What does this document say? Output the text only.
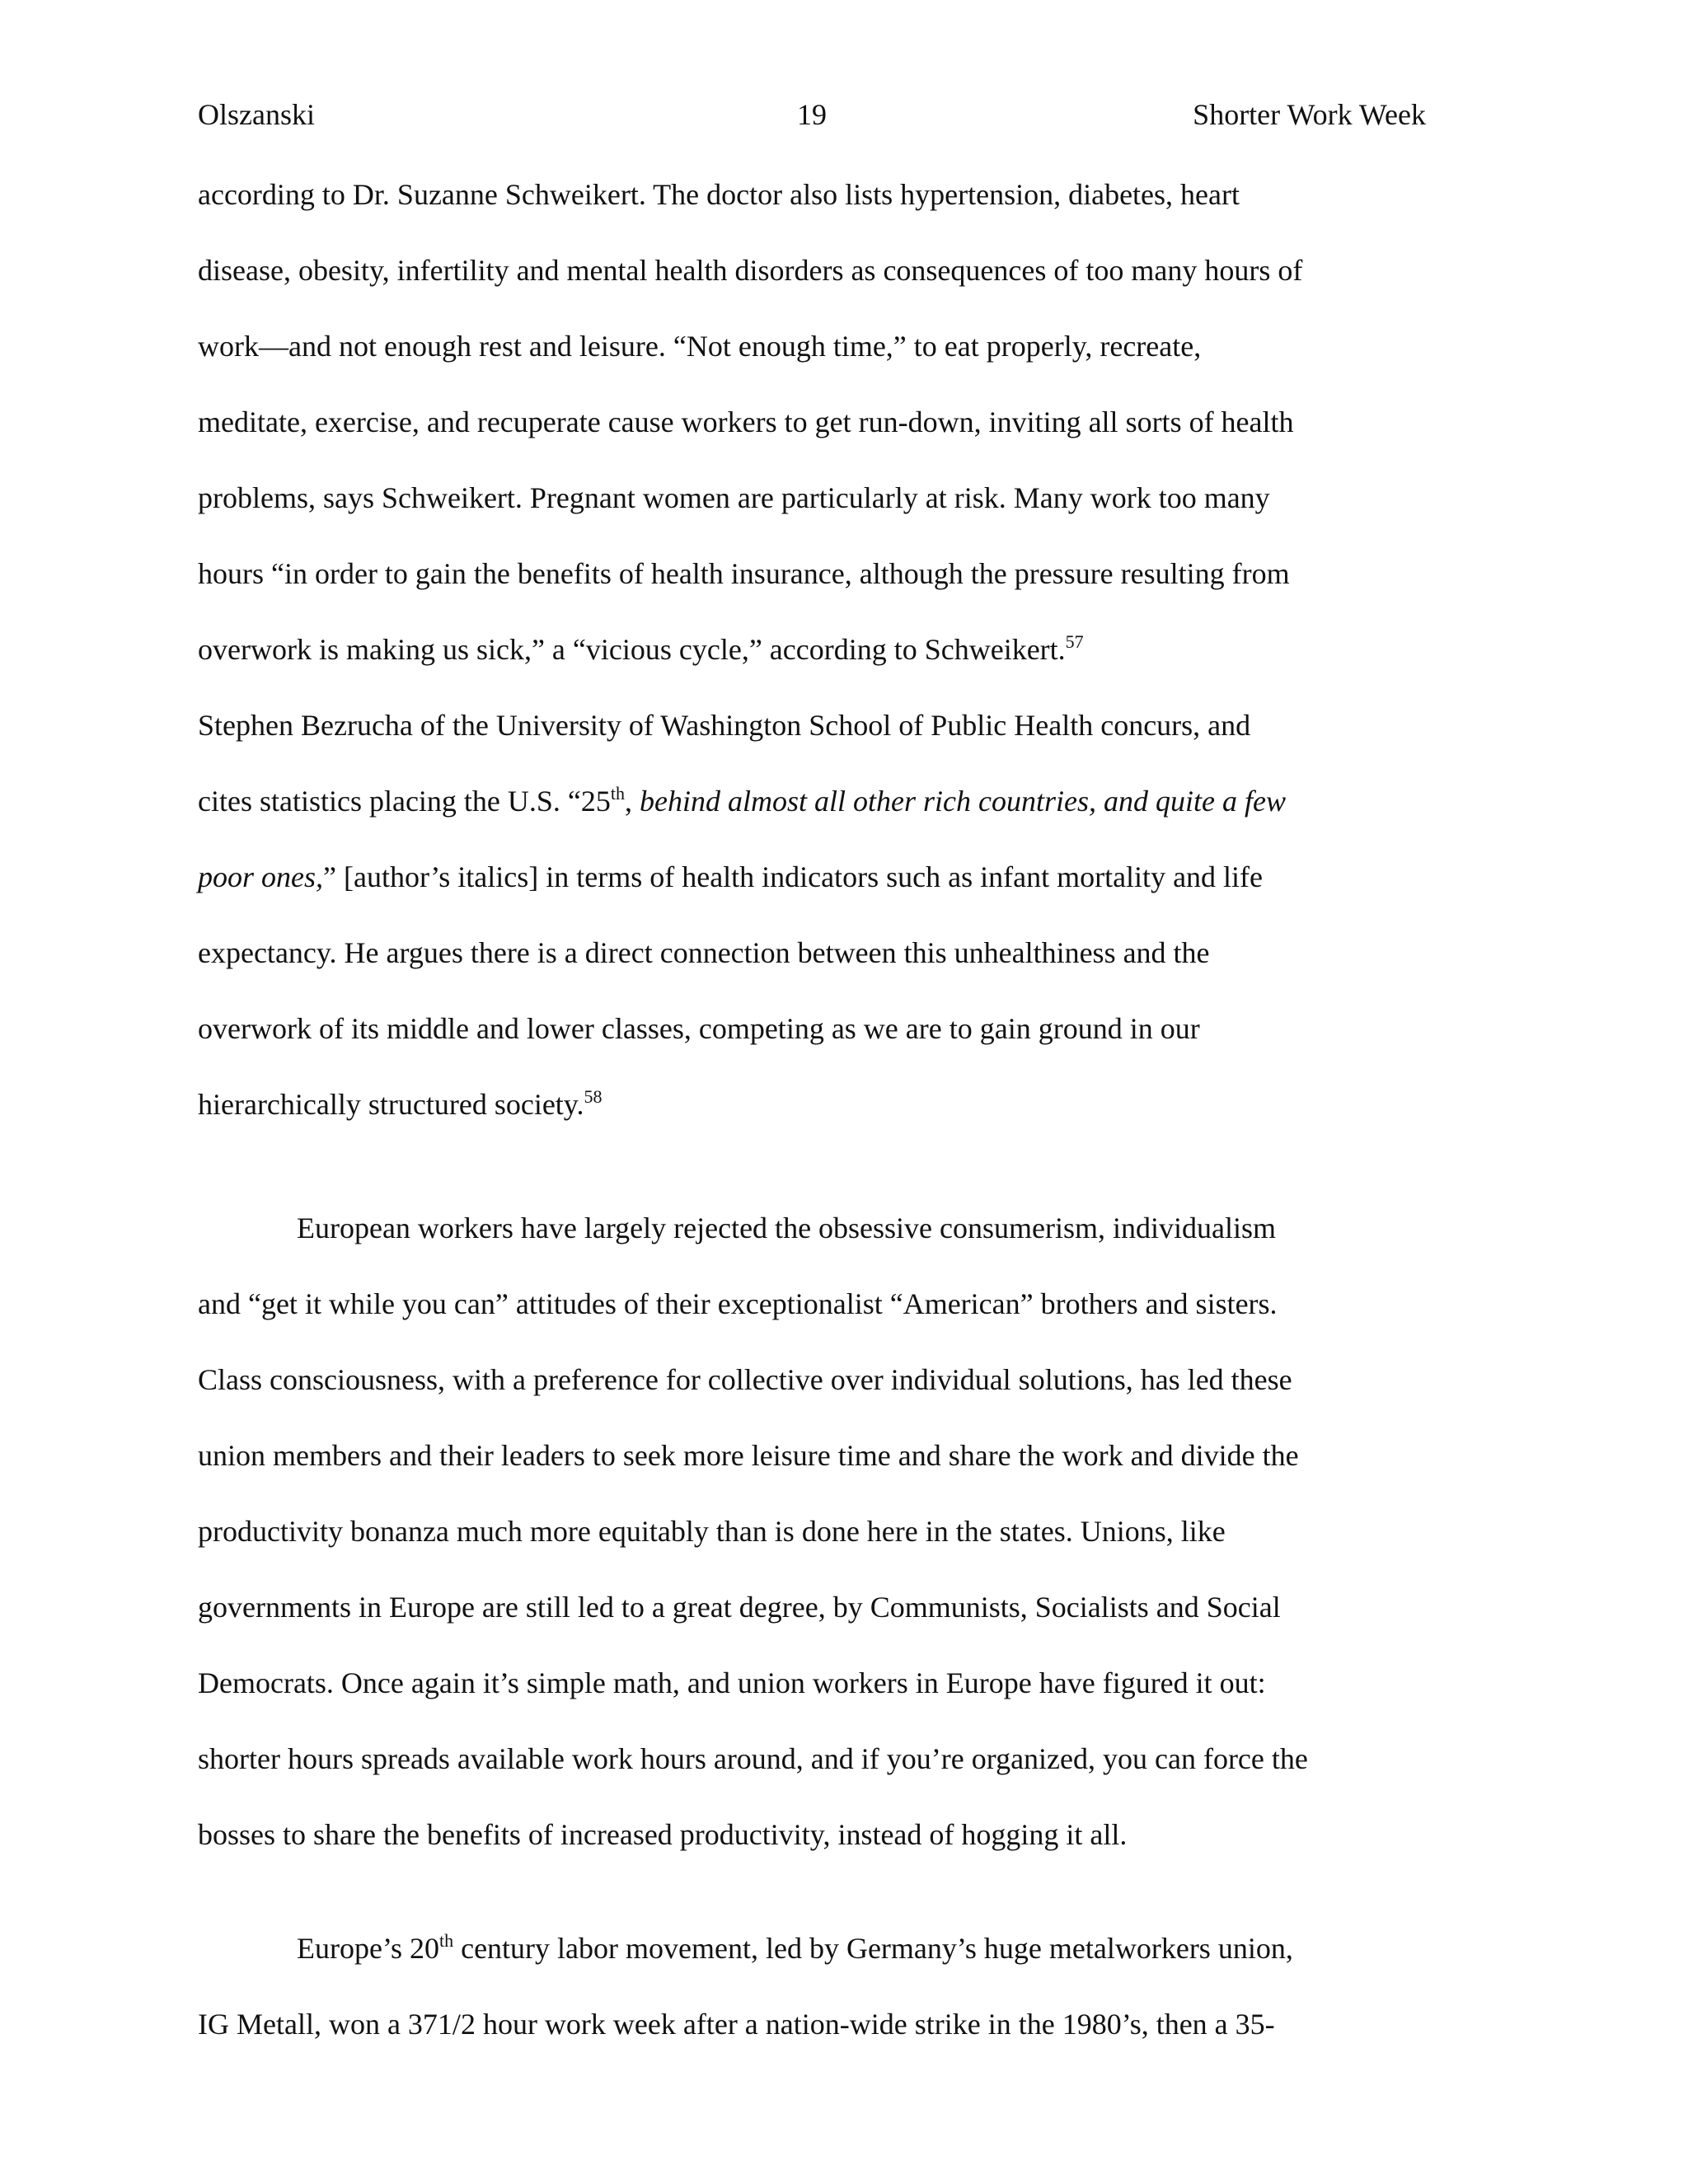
Olszanski	19	Shorter Work Week
according to Dr. Suzanne Schweikert. The doctor also lists hypertension, diabetes, heart
disease, obesity, infertility and mental health disorders as consequences of too many hours of
work—and not enough rest and leisure. “Not enough time,” to eat properly, recreate,
meditate, exercise, and recuperate cause workers to get run-down, inviting all sorts of health
problems, says Schweikert. Pregnant women are particularly at risk. Many work too many
hours “in order to gain the benefits of health insurance, although the pressure resulting from
overwork is making us sick,” a “vicious cycle,” according to Schweikert.$^{57}$
Stephen Bezrucha of the University of Washington School of Public Health concurs, and
cites statistics placing the U.S. “25th, behind almost all other rich countries, and quite a few
poor ones,” [author’s italics] in terms of health indicators such as infant mortality and life
expectancy. He argues there is a direct connection between this unhealthiness and the
overwork of its middle and lower classes, competing as we are to gain ground in our
hierarchically structured society.$^{58}$
European workers have largely rejected the obsessive consumerism, individualism
and “get it while you can” attitudes of their exceptionalist “American” brothers and sisters.
Class consciousness, with a preference for collective over individual solutions, has led these
union members and their leaders to seek more leisure time and share the work and divide the
productivity bonanza much more equitably than is done here in the states. Unions, like
governments in Europe are still led to a great degree, by Communists, Socialists and Social
Democrats. Once again it’s simple math, and union workers in Europe have figured it out:
shorter hours spreads available work hours around, and if you’re organized, you can force the
bosses to share the benefits of increased productivity, instead of hogging it all.
Europe’s 20th century labor movement, led by Germany’s huge metalworkers union,
IG Metall, won a 371/2 hour work week after a nation-wide strike in the 1980’s, then a 35-
